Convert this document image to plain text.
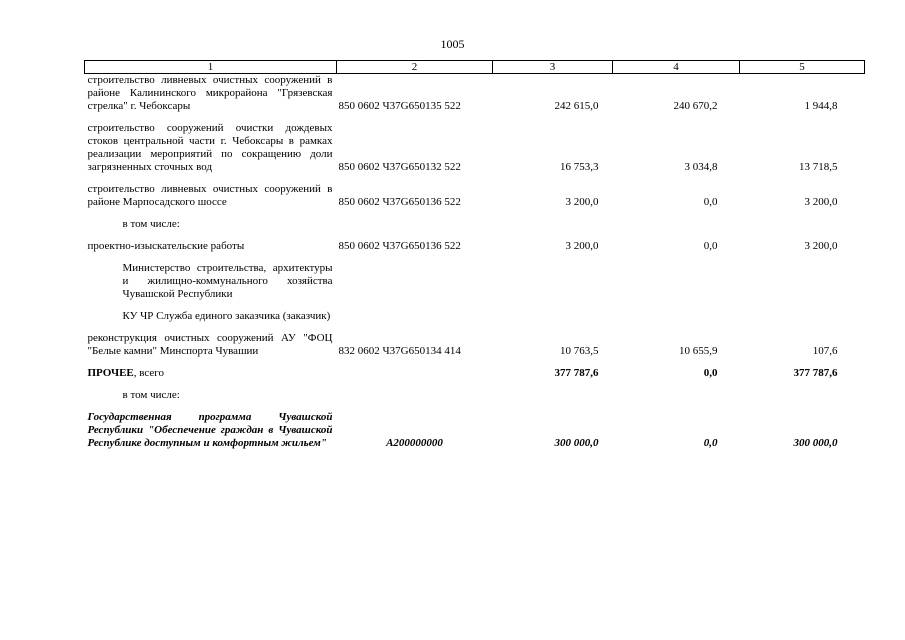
1005
1	2	3	4	5
строительство ливневых очистных сооружений в районе Калининского микрорайона "Грязевская стрелка" г. Чебоксары	850 0602 Ч37G650135 522	242 615,0	240 670,2	1 944,8

строительство сооружений очистки дождевых стоков центральной части г. Чебоксары в рамках реализации мероприятий по сокращению доли загрязненных сточных вод	850 0602 Ч37G650132 522	16 753,3	3 034,8	13 718,5

строительство ливневых очистных сооружений в районе Марпосадского шоссе	850 0602 Ч37G650136 522	3 200,0	0,0	3 200,0

в том числе:				

проектно-изыскательские работы	850 0602 Ч37G650136 522	3 200,0	0,0	3 200,0

Министерство строительства, архитектуры и жилищно-коммунального хозяйства Чувашской Республики				

КУ ЧР Служба единого заказчика (заказчик)				

реконструкция очистных сооружений АУ "ФОЦ "Белые камни" Минспорта Чувашии	832 0602 Ч37G650134 414	10 763,5	10 655,9	107,6

ПРОЧЕЕ, всего		377 787,6	0,0	377 787,6

в том числе:				

Государственная программа Чувашской Республики "Обеспечение граждан в Чувашской Республике доступным и комфортным жильем"	А200000000	300 000,0	0,0	300 000,0
